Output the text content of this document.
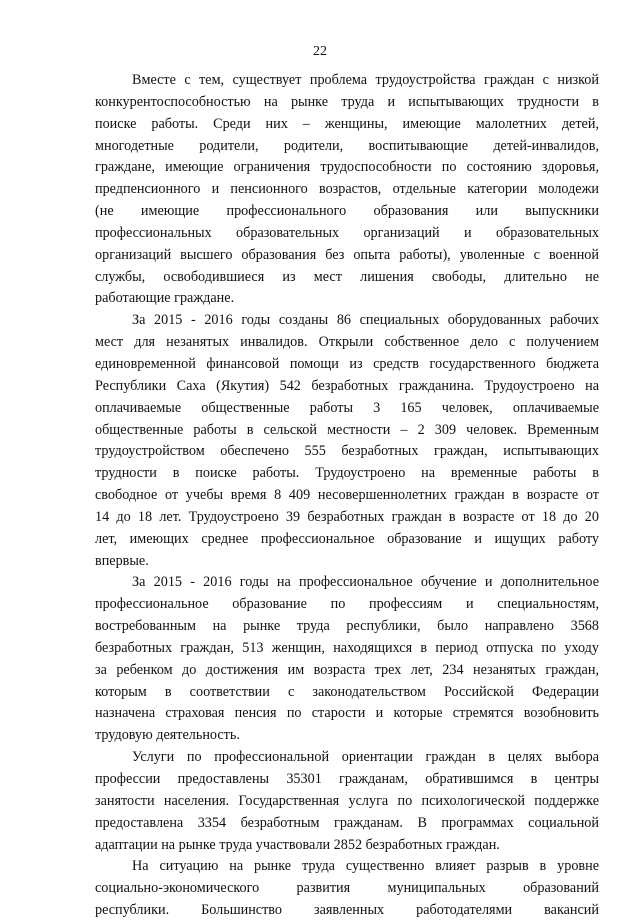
22

Вместе с тем, существует проблема трудоустройства граждан с низкой
конкурентоспособностью на рынке труда и испытывающих трудности в
поиске работы. Среди них – женщины, имеющие малолетних детей,
многодетные родители, родители, воспитывающие детей-инвалидов,
граждане, имеющие ограничения трудоспособности по состоянию здоровья,
предпенсионного и пенсионного возрастов, отдельные категории молодежи
(не имеющие профессионального образования или выпускники
профессиональных образовательных организаций и образовательных
организаций высшего образования без опыта работы), уволенные с военной
службы, освободившиеся из мест лишения свободы, длительно не
работающие граждане.

За 2015 - 2016 годы созданы 86 специальных оборудованных рабочих
мест для незанятых инвалидов. Открыли собственное дело с получением
единовременной финансовой помощи из средств государственного бюджета
Республики Саха (Якутия) 542 безработных гражданина. Трудоустроено на
оплачиваемые общественные работы 3 165 человек, оплачиваемые
общественные работы в сельской местности – 2 309 человек. Временным
трудоустройством обеспечено 555 безработных граждан, испытывающих
трудности в поиске работы. Трудоустроено на временные работы в
свободное от учебы время 8 409 несовершеннолетних граждан в возрасте от
14 до 18 лет. Трудоустроено 39 безработных граждан в возрасте от 18 до 20
лет, имеющих среднее профессиональное образование и ищущих работу
впервые.

За 2015 - 2016 годы на профессиональное обучение и дополнительное
профессиональное образование по профессиям и специальностям,
востребованным на рынке труда республики, было направлено 3568
безработных граждан, 513 женщин, находящихся в период отпуска по уходу
за ребенком до достижения им возраста трех лет, 234 незанятых граждан,
которым в соответствии с законодательством Российской Федерации
назначена страховая пенсия по старости и которые стремятся возобновить
трудовую деятельность.

Услуги по профессиональной ориентации граждан в целях выбора
профессии предоставлены 35301 гражданам, обратившимся в центры
занятости населения. Государственная услуга по психологической поддержке
предоставлена 3354 безработным гражданам. В программах социальной
адаптации на рынке труда участвовали 2852 безработных граждан.

На ситуацию на рынке труда существенно влияет разрыв в уровне
социально-экономического развития муниципальных образований
республики. Большинство заявленных работодателями вакансий
